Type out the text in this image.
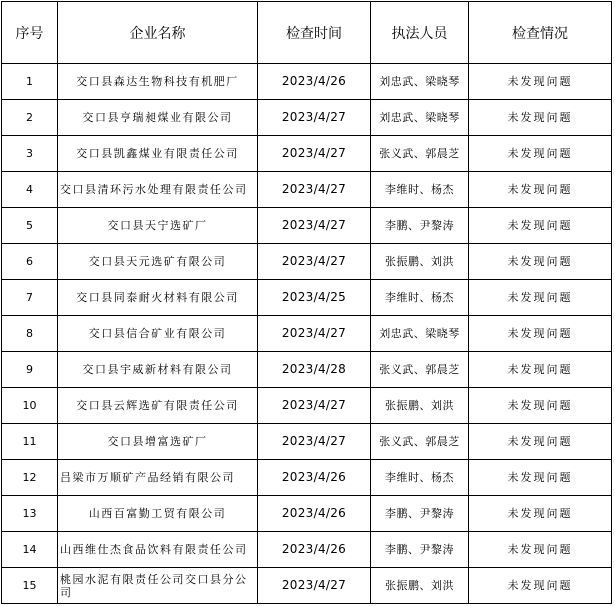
序号	企业名称	检查时间	执法人员	检查情况
1	交口县森达生物科技有机肥厂	2023/4/26	刘忠武、梁晓琴	未发现问题
2	交口县亨瑞昶煤业有限公司	2023/4/27	刘忠武、梁晓琴	未发现问题
3	交口县凯鑫煤业有限责任公司	2023/4/27	张义武、郭晨芝	未发现问题
4	交口县清环污水处理有限责任公司	2023/4/27	李维时、杨杰	未发现问题
5	交口县天宁选矿厂	2023/4/27	李鹏、尹黎涛	未发现问题
6	交口县天元选矿有限公司	2023/4/27	张振鹏、刘洪	未发现问题
7	交口县同泰耐火材料有限公司	2023/4/25	李维时、杨杰	未发现问题
8	交口县信合矿业有限公司	2023/4/27	刘忠武、梁晓琴	未发现问题
9	交口县宇威新材料有限公司	2023/4/28	张义武、郭晨芝	未发现问题
10	交口县云辉选矿有限责任公司	2023/4/27	张振鹏、刘洪	未发现问题
11	交口县增富选矿厂	2023/4/27	张义武、郭晨芝	未发现问题
12	吕梁市万顺矿产品经销有限公司	2023/4/26	李维时、杨杰	未发现问题
13	山西百富勤工贸有限公司	2023/4/26	李鹏、尹黎涛	未发现问题
14	山西维仕杰食品饮料有限责任公司	2023/4/26	李鹏、尹黎涛	未发现问题
15	桃园水泥有限责任公司交口县分公司	2023/4/27	张振鹏、刘洪	未发现问题
